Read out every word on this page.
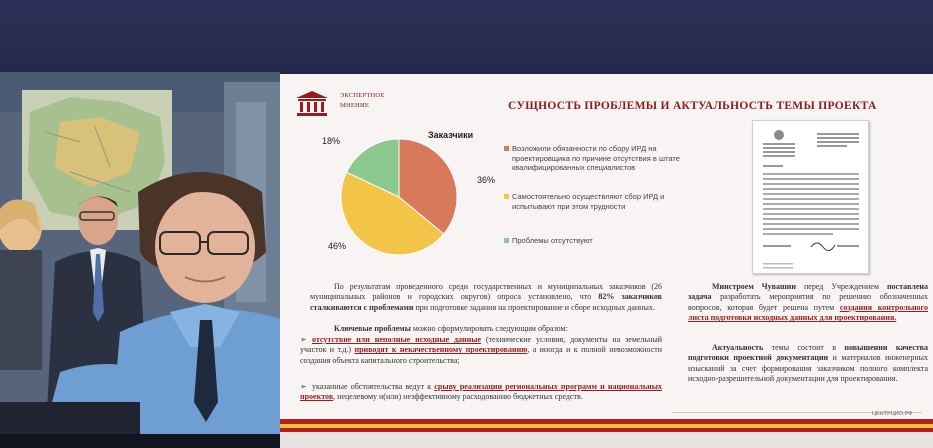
ЭКСПЕРТНОЕ
МНЕНИЕ	СУЩНОСТЬ ПРОБЛЕМЫ И АКТУАЛЬНОСТЬ ТЕМЫ ПРОЕКТА
18%
36%
46%
Заказчики
Возложили обязанности по сбору ИРД на проектировщика по причине отсутствия в штате квалифицированных специалистов
Самостоятельно осуществляют сбор ИРД и испытывают при этом трудности
Проблемы отсутствуют
По результатам проведенного среди государственных и муниципальных заказчиков (26 муниципальных районов и городских округов) опроса установлено, что 82% заказчиков сталкиваются с проблемами при подготовке задания на проектирование и сборе исходных данных.
Ключевые проблемы можно сформулировать следующим образом:
➢ отсутствие или неполные исходные данные (технические условия, документы на земельный участок и т.д.) приводят к некачественному проектированию, а иногда и к полной невозможности создания объекта капитального строительства;
➢ указанные обстоятельства ведут к срыву реализации региональных программ и национальных проектов, нецелевому и(или) неэффективному расходованию бюджетных средств.
Минстроем Чувашии перед Учреждением поставлена задача разработать мероприятия по решению обозначенных вопросов, которая будет решена путем создания контрольного листа подготовки исходных данных для проектирования.
Актуальность темы состоит в повышении качества подготовки проектной документации и материалов инженерных изысканий за счет формирования заказчиком полного комплекта исходно-разрешительной документации для проектирования.
ЦЕНТРЦИО.РФ
